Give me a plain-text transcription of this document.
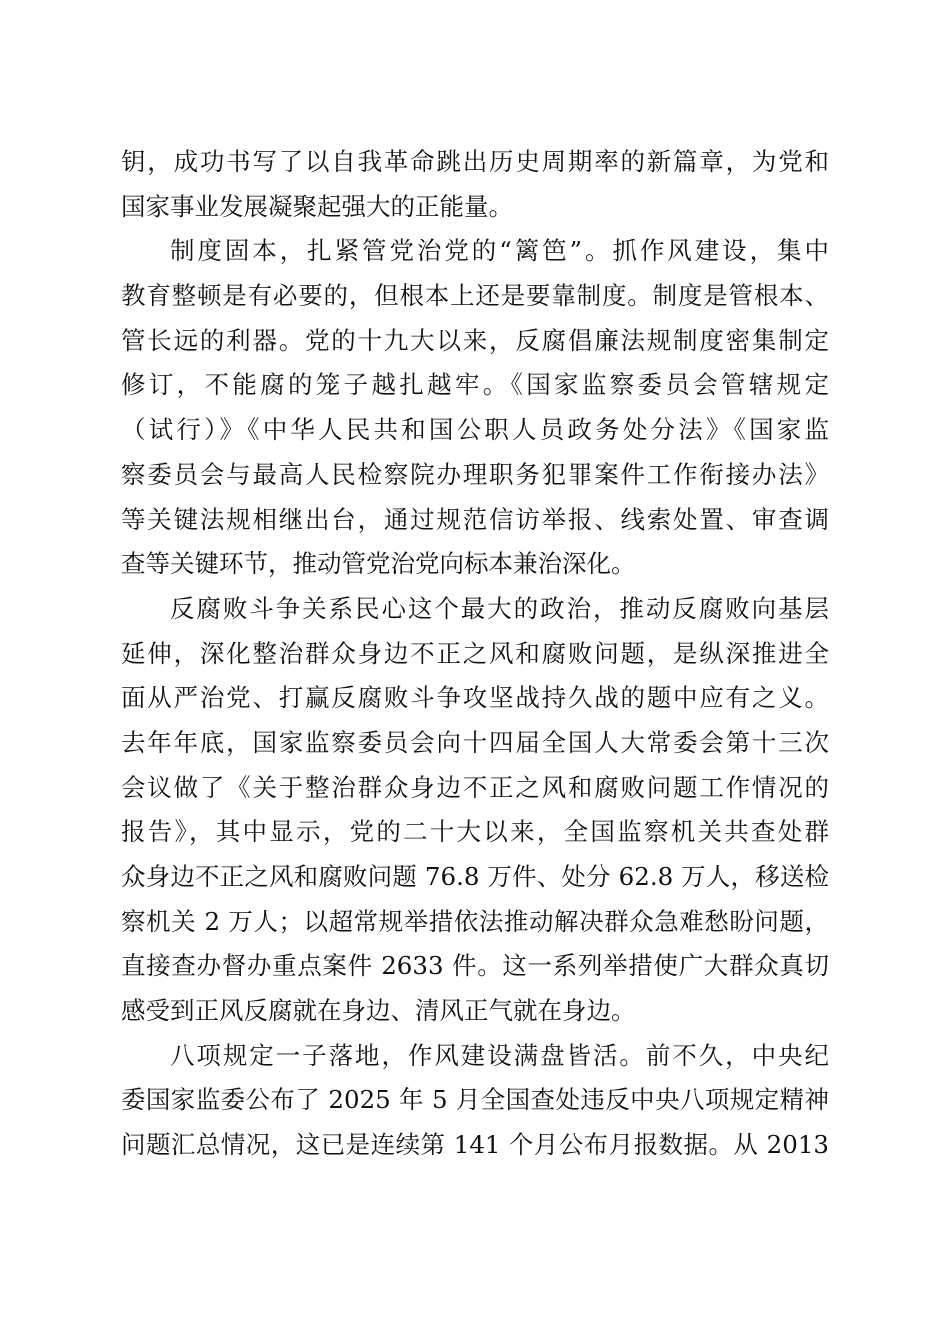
钥，成功书写了以自我革命跳出历史周期率的新篇章，为党和
国家事业发展凝聚起强大的正能量。
制度固本，扎紧管党治党的“篱笆”。抓作风建设，集中
教育整顿是有必要的，但根本上还是要靠制度。制度是管根本、
管长远的利器。党的十九大以来，反腐倡廉法规制度密集制定
修订，不能腐的笼子越扎越牢。《国家监察委员会管辖规定
（试行）》《中华人民共和国公职人员政务处分法》《国家监
察委员会与最高人民检察院办理职务犯罪案件工作衔接办法》
等关键法规相继出台，通过规范信访举报、线索处置、审查调
查等关键环节，推动管党治党向标本兼治深化。
反腐败斗争关系民心这个最大的政治，推动反腐败向基层
延伸，深化整治群众身边不正之风和腐败问题，是纵深推进全
面从严治党、打赢反腐败斗争攻坚战持久战的题中应有之义。
去年年底，国家监察委员会向十四届全国人大常委会第十三次
会议做了《关于整治群众身边不正之风和腐败问题工作情况的
报告》，其中显示，党的二十大以来，全国监察机关共查处群
众身边不正之风和腐败问题 76.8 万件、处分 62.8 万人，移送检
察机关 2 万人；以超常规举措依法推动解决群众急难愁盼问题，
直接查办督办重点案件 2633 件。这一系列举措使广大群众真切
感受到正风反腐就在身边、清风正气就在身边。
八项规定一子落地，作风建设满盘皆活。前不久，中央纪
委国家监委公布了 2025 年 5 月全国查处违反中央八项规定精神
问题汇总情况，这已是连续第 141 个月公布月报数据。从 2013
